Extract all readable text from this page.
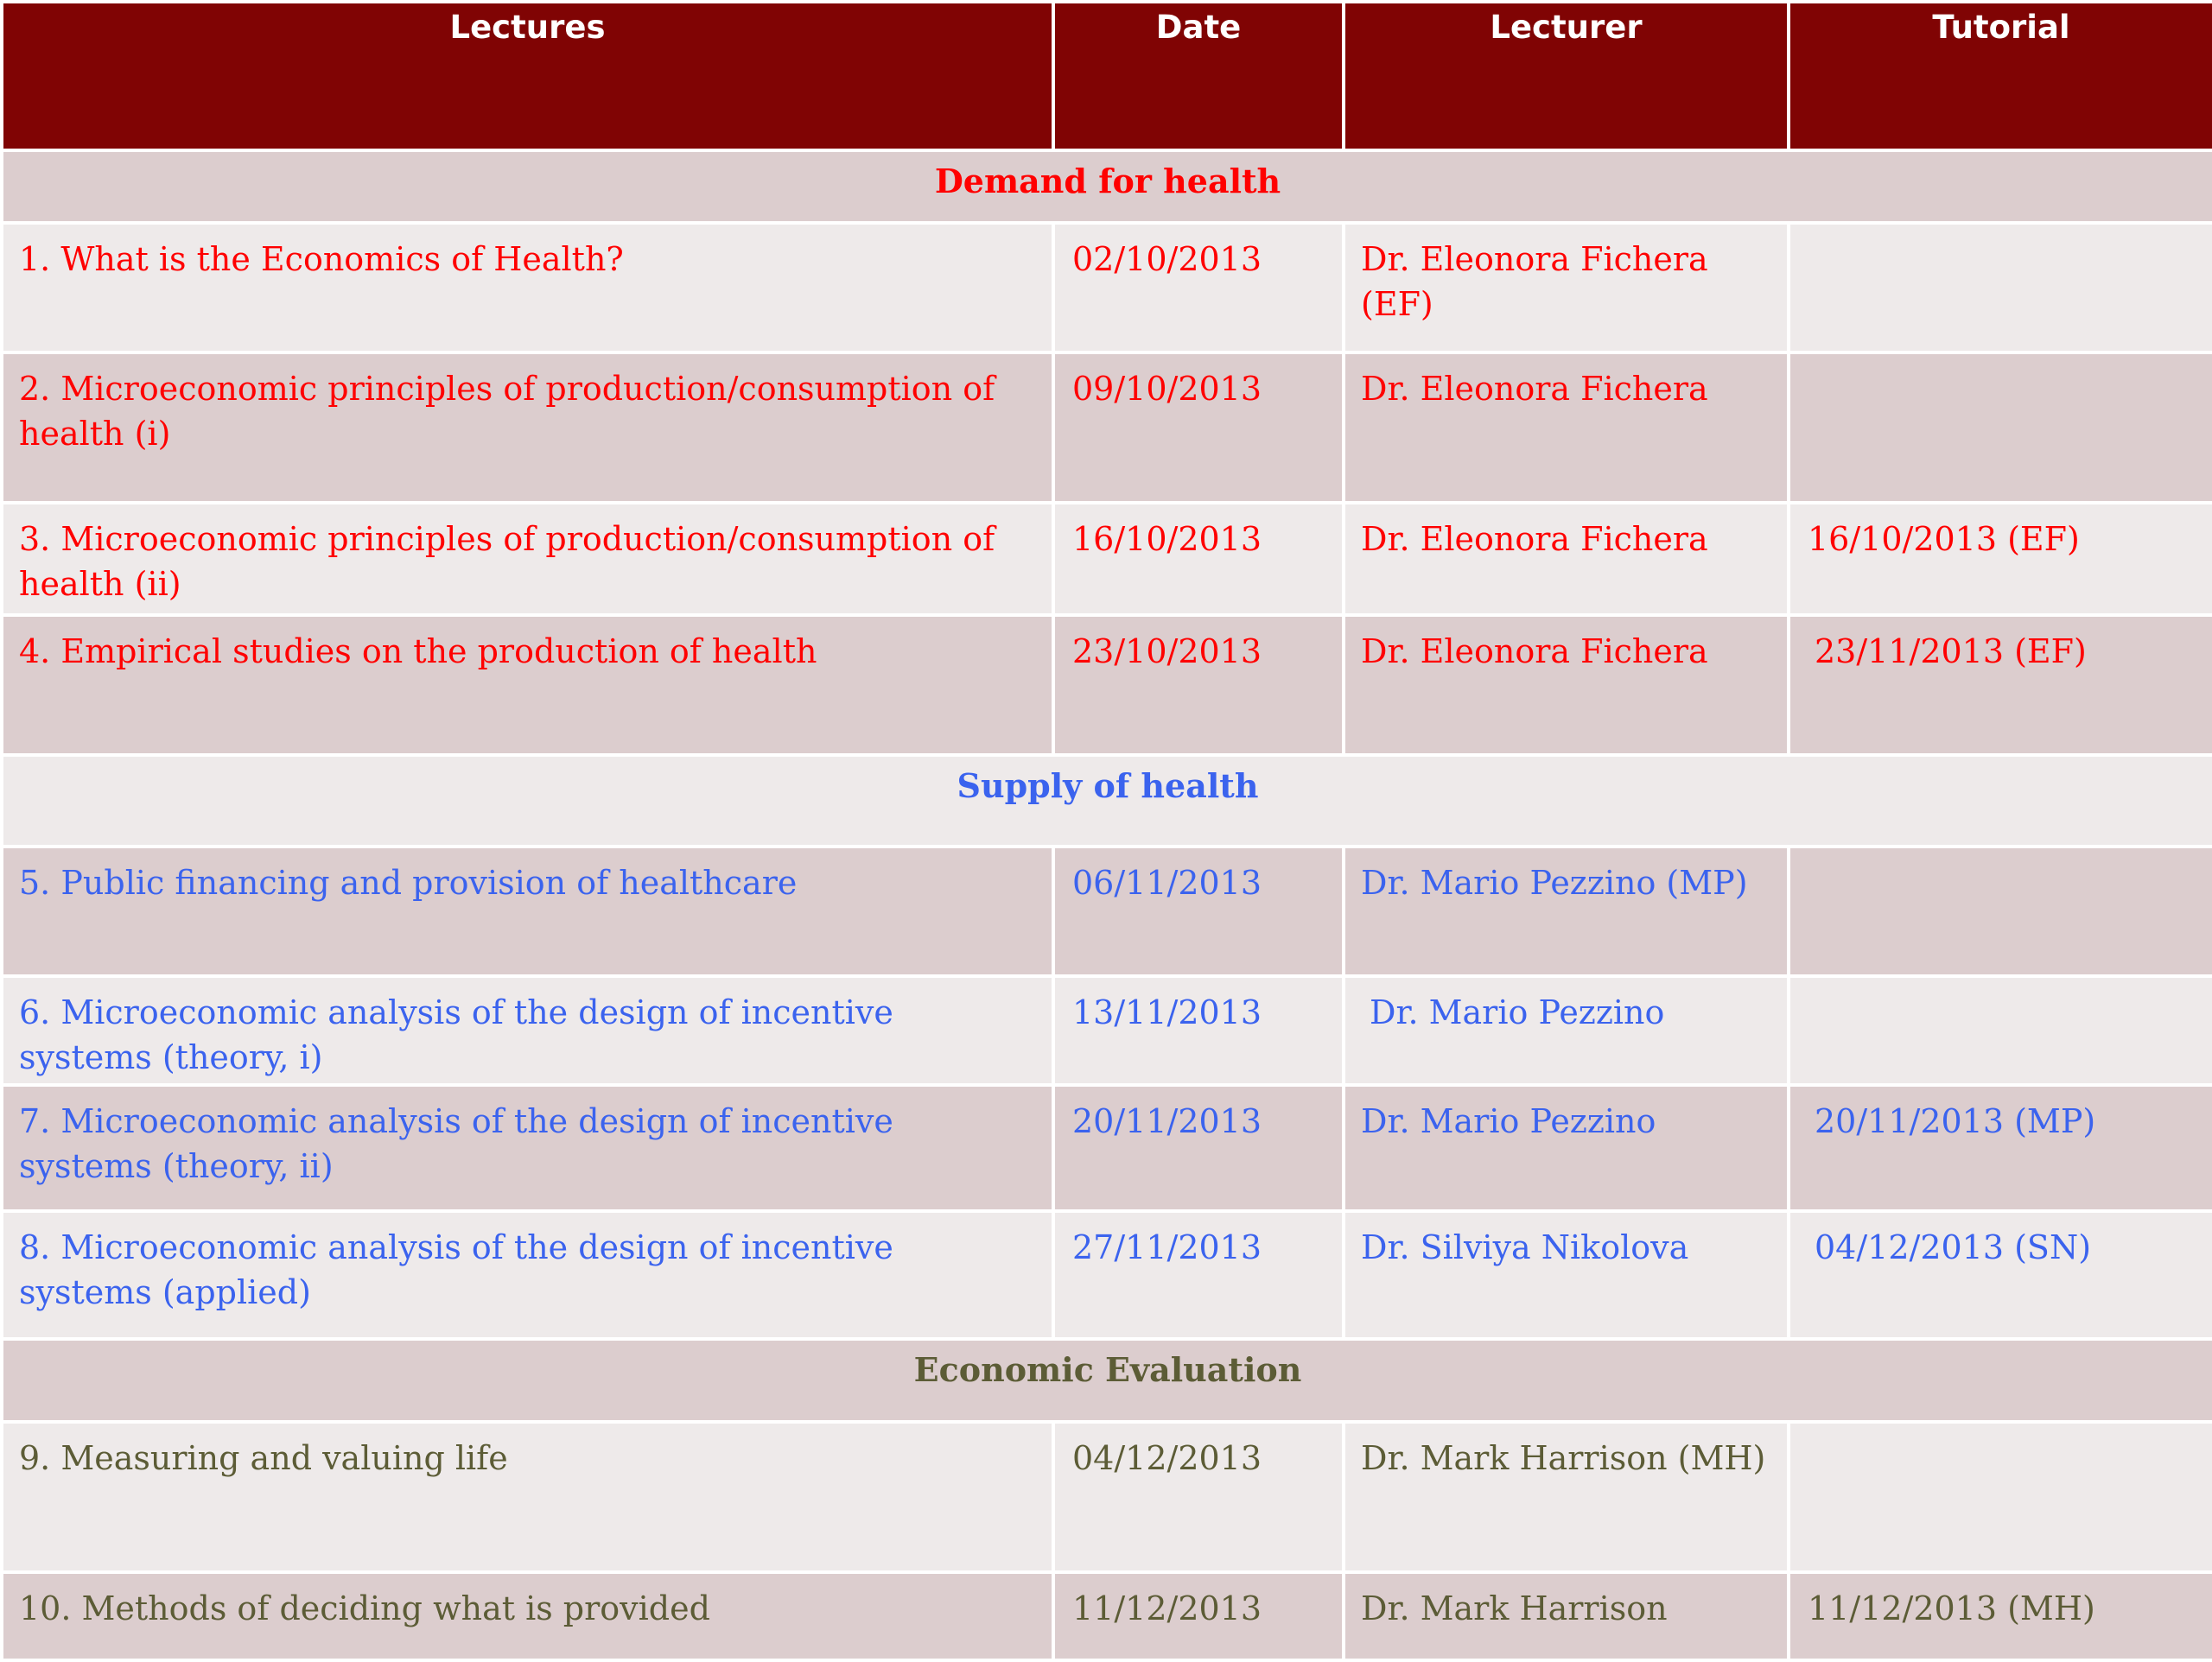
Lectures	Date	Lecturer	Tutorial
Demand for health			
1. What is the Economics of Health?	02/10/2013	Dr. Eleonora Fichera (EF)	
2. Microeconomic principles of production/consumption of health (i)	09/10/2013	Dr. Eleonora Fichera	
3. Microeconomic principles of production/consumption of health (ii)	16/10/2013	Dr. Eleonora Fichera	16/10/2013 (EF)
4. Empirical studies on the production of health	23/10/2013	Dr. Eleonora Fichera	23/11/2013 (EF)
Supply of health			
5. Public financing and provision of healthcare	06/11/2013	Dr. Mario Pezzino (MP)	
6. Microeconomic analysis of the design of incentive systems (theory, i)	13/11/2013	Dr. Mario Pezzino	
7. Microeconomic analysis of the design of incentive systems (theory, ii)	20/11/2013	Dr. Mario Pezzino	20/11/2013 (MP)
8. Microeconomic analysis of the design of incentive systems (applied)	27/11/2013	Dr. Silviya Nikolova	04/12/2013 (SN)
Economic Evaluation			
9. Measuring and valuing life	04/12/2013	Dr. Mark Harrison (MH)	
10. Methods of deciding what is provided	11/12/2013	Dr. Mark Harrison	11/12/2013 (MH)
